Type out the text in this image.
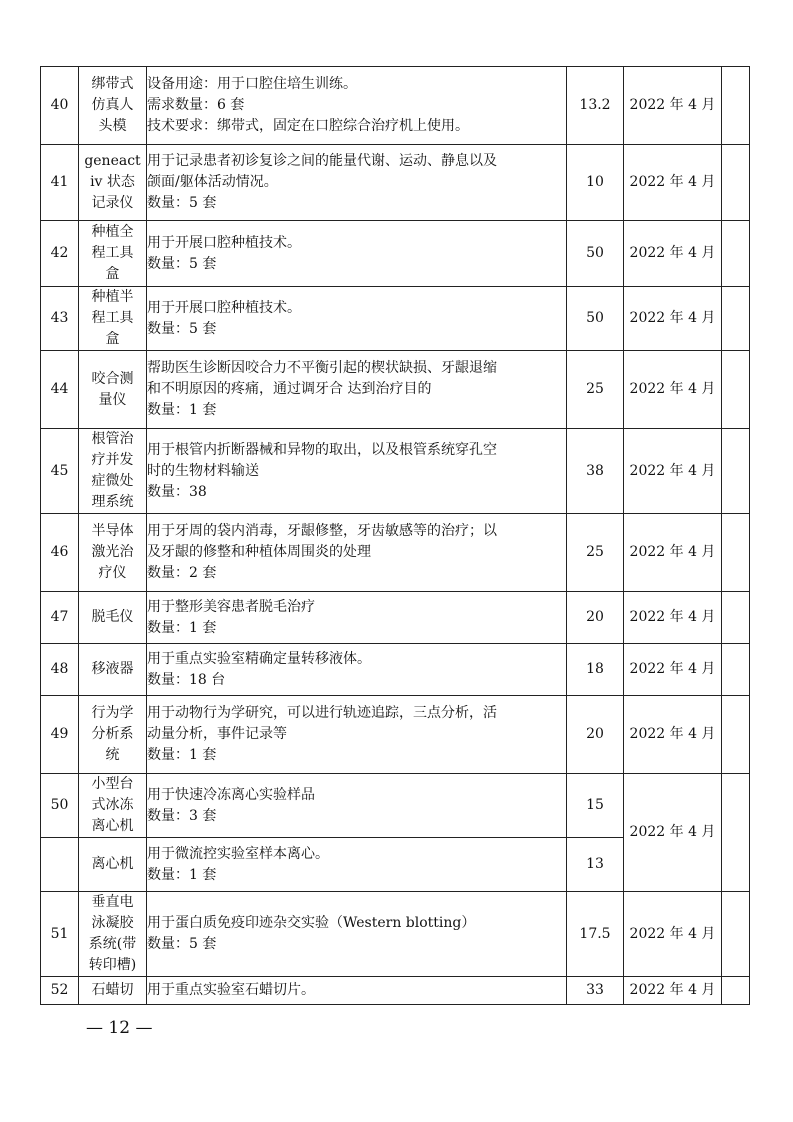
40	绑带式
仿真人
头模	设备用途：用于口腔住培生训练。
需求数量：6 套
技术要求：绑带式，固定在口腔综合治疗机上使用。	13.2	2022 年 4 月	
41	geneact
iv 状态
记录仪	用于记录患者初诊复诊之间的能量代谢、运动、静息以及
颌面/躯体活动情况。
数量：5 套	10	2022 年 4 月	
42	种植全
程工具
盒	用于开展口腔种植技术。
数量：5 套	50	2022 年 4 月	
43	种植半
程工具
盒	用于开展口腔种植技术。
数量：5 套	50	2022 年 4 月	
44	咬合测
量仪	帮助医生诊断因咬合力不平衡引起的楔状缺损、牙龈退缩
和不明原因的疼痛，通过调牙合 达到治疗目的
数量：1 套	25	2022 年 4 月	
45	根管治
疗并发
症微处
理系统	用于根管内折断器械和异物的取出，以及根管系统穿孔空
时的生物材料输送
数量：38	38	2022 年 4 月	
46	半导体
激光治
疗仪	用于牙周的袋内消毒，牙龈修整，牙齿敏感等的治疗；以
及牙龈的修整和种植体周围炎的处理
数量：2 套	25	2022 年 4 月	
47	脱毛仪	用于整形美容患者脱毛治疗
数量：1 套	20	2022 年 4 月	
48	移液器	用于重点实验室精确定量转移液体。
数量：18 台	18	2022 年 4 月	
49	行为学
分析系
统	用于动物行为学研究，可以进行轨迹追踪，三点分析，活
动量分析，事件记录等
数量：1 套	20	2022 年 4 月	
50	小型台
式冰冻
离心机	用于快速冷冻离心实验样品
数量：3 套	15	2022 年 4 月	

	离心机	用于微流控实验室样本离心。
数量：1 套	13		
51	垂直电
泳凝胶
系统(带
转印槽)	用于蛋白质免疫印迹杂交实验（Western blotting）
数量：5 套	17.5	2022 年 4 月	
52	石蜡切	用于重点实验室石蜡切片。	33	2022 年 4 月	
— 12 —
